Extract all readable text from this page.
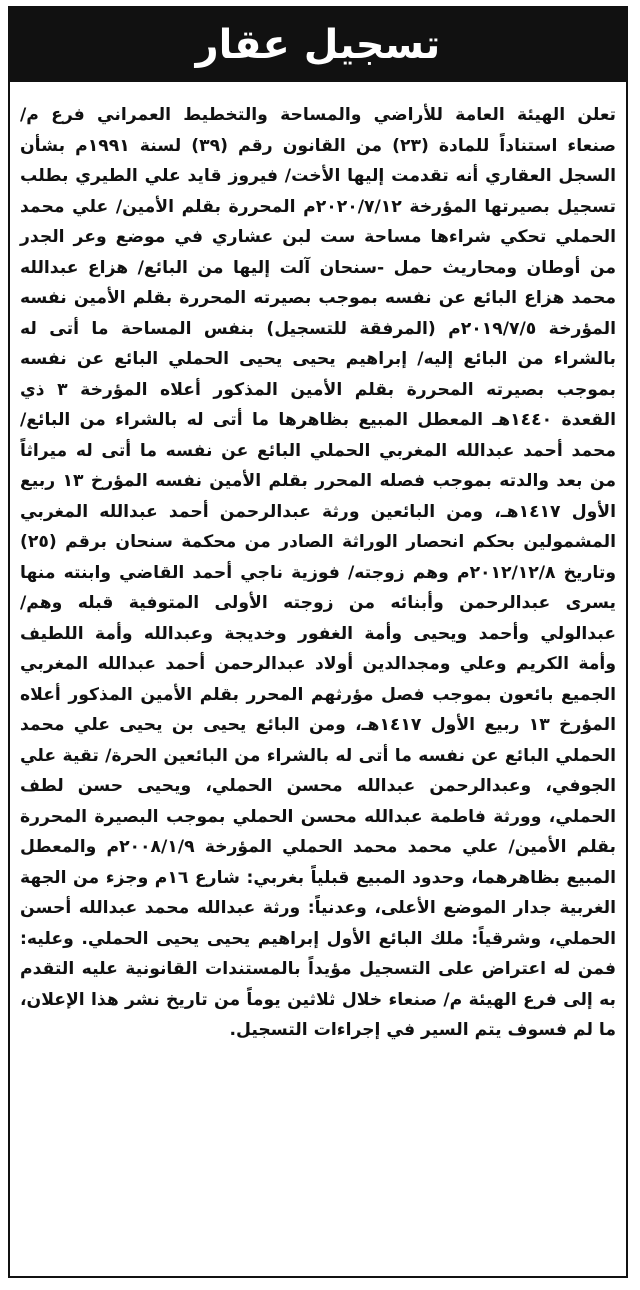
تسجيل عقار

تعلن الهيئة العامة للأراضي والمساحة والتخطيط العمراني فرع م/ صنعاء استناداً للمادة (٢٣) من القانون رقم (٣٩) لسنة ١٩٩١م بشأن السجل العقاري أنه تقدمت إليها الأخت/ فيروز قايد علي الطيري بطلب تسجيل بصيرتها المؤرخة ٢٠٢٠/٧/١٢م المحررة بقلم الأمين/ علي محمد الحملي تحكي شراءها مساحة ست لبن عشاري في موضع وعر الجدر من أوطان ومحاريث حمل -سنحان آلت إليها من البائع/ هزاع عبدالله محمد هزاع البائع عن نفسه بموجب بصيرته المحررة بقلم الأمين نفسه المؤرخة ٢٠١٩/٧/٥م (المرفقة للتسجيل) بنفس المساحة ما أتى له بالشراء من البائع إليه/ إبراهيم يحيى يحيى الحملي البائع عن نفسه بموجب بصيرته المحررة بقلم الأمين المذكور أعلاه المؤرخة ٣ ذي القعدة ١٤٤٠هـ المعطل المبيع بظاهرها ما أتى له بالشراء من البائع/ محمد أحمد عبدالله المغربي الحملي البائع عن نفسه ما أتى له ميراثاً من بعد والدته بموجب فصله المحرر بقلم الأمين نفسه المؤرخ ١٣ ربيع الأول ١٤١٧هـ، ومن البائعين ورثة عبدالرحمن أحمد عبدالله المغربي المشمولين بحكم انحصار الوراثة الصادر من محكمة سنحان برقم (٢٥) وتاريخ ٢٠١٢/١٢/٨م وهم زوجته/ فوزية ناجي أحمد القاضي وابنته منها يسرى عبدالرحمن وأبنائه من زوجته الأولى المتوفية قبله وهم/ عبدالولي وأحمد ويحيى وأمة الغفور وخديجة وعبدالله وأمة اللطيف وأمة الكريم وعلي ومجدالدين أولاد عبدالرحمن أحمد عبدالله المغربي الجميع بائعون بموجب فصل مؤرثهم المحرر بقلم الأمين المذكور أعلاه المؤرخ ١٣ ربيع الأول ١٤١٧هـ، ومن البائع يحيى بن يحيى علي محمد الحملي البائع عن نفسه ما أتى له بالشراء من البائعين الحرة/ تقية علي الجوفي، وعبدالرحمن عبدالله محسن الحملي، ويحيى حسن لطف الحملي، وورثة فاطمة عبدالله محسن الحملي بموجب البصيرة المحررة بقلم الأمين/ علي محمد محمد الحملي المؤرخة ٢٠٠٨/١/٩م والمعطل المبيع بظاهرهما، وحدود المبيع قبلياً بغربي: شارع ١٦م وجزء من الجهة الغربية جدار الموضع الأعلى، وعدنياً: ورثة عبدالله محمد عبدالله أحسن الحملي، وشرقياً: ملك البائع الأول إبراهيم يحيى يحيى الحملي. وعليه: فمن له اعتراض على التسجيل مؤيداً بالمستندات القانونية عليه التقدم به إلى فرع الهيئة م/ صنعاء خلال ثلاثين يوماً من تاريخ نشر هذا الإعلان، ما لم فسوف يتم السير في إجراءات التسجيل.
